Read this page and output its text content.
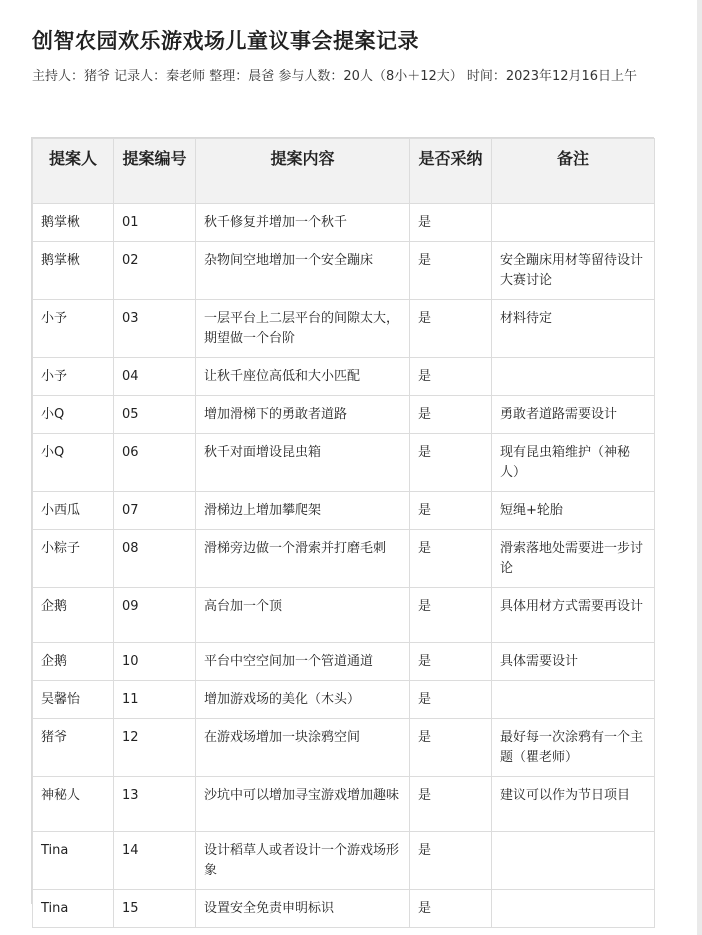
创智农园欢乐游戏场儿童议事会提案记录
主持人：猪爷 记录人：秦老师 整理：晨爸 参与人数：20人（8小＋12大） 时间：2023年12月16日上午
提案人	提案编号	提案内容	是否采纳	备注
鹅掌楸	01	秋千修复并增加一个秋千	是	
鹅掌楸	02	杂物间空地增加一个安全蹦床	是	安全蹦床用材等留待设计大赛讨论
小予	03	一层平台上二层平台的间隙太大，期望做一个台阶	是	材料待定
小予	04	让秋千座位高低和大小匹配	是	
小Q	05	增加滑梯下的勇敢者道路	是	勇敢者道路需要设计
小Q	06	秋千对面增设昆虫箱	是	现有昆虫箱维护（神秘人）
小西瓜	07	滑梯边上增加攀爬架	是	短绳+轮胎
小粽子	08	滑梯旁边做一个滑索并打磨毛刺	是	滑索落地处需要进一步讨论
企鹅	09	高台加一个顶	是	具体用材方式需要再设计
企鹅	10	平台中空空间加一个管道通道	是	具体需要设计
吴馨怡	11	增加游戏场的美化（木头）	是	
猪爷	12	在游戏场增加一块涂鸦空间	是	最好每一次涂鸦有一个主题（瞿老师）
神秘人	13	沙坑中可以增加寻宝游戏增加趣味	是	建议可以作为节日项目
Tina	14	设计稻草人或者设计一个游戏场形象	是	
Tina	15	设置安全免责申明标识	是	
